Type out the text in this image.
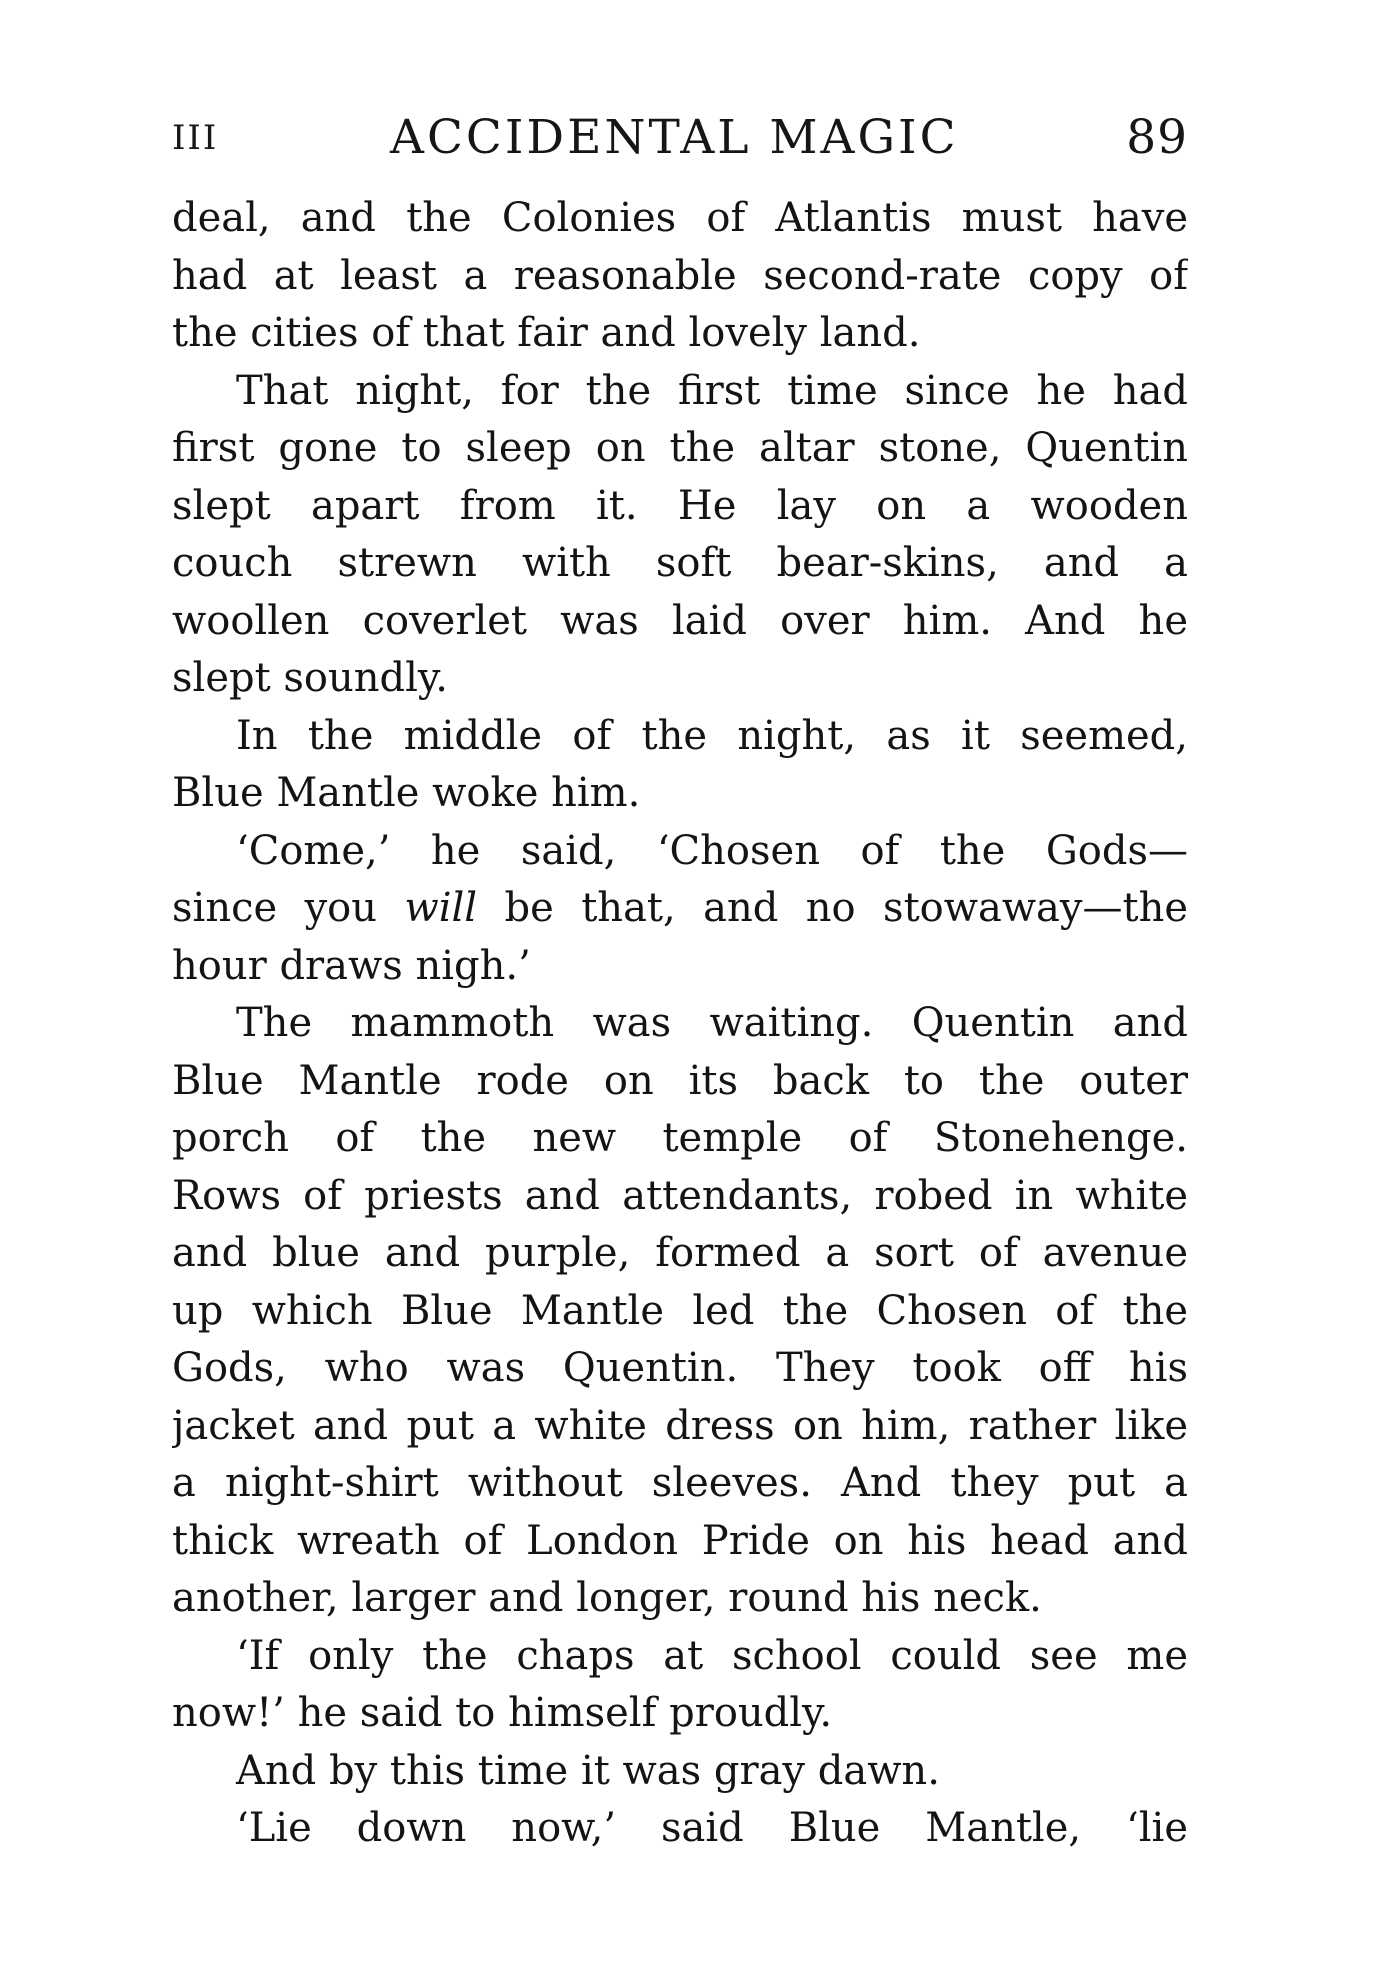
III	ACCIDENTAL MAGIC	89
deal, and the Colonies of Atlantis must have
had at least a reasonable second-rate copy of
the cities of that fair and lovely land.
That night, for the first time since he had
first gone to sleep on the altar stone, Quentin
slept apart from it. He lay on a wooden
couch strewn with soft bear-skins, and a
woollen coverlet was laid over him. And he
slept soundly.
In the middle of the night, as it seemed,
Blue Mantle woke him.
‘Come,’ he said, ‘Chosen of the Gods—
since you will be that, and no stowaway—the
hour draws nigh.’
The mammoth was waiting. Quentin and
Blue Mantle rode on its back to the outer
porch of the new temple of Stonehenge.
Rows of priests and attendants, robed in white
and blue and purple, formed a sort of avenue
up which Blue Mantle led the Chosen of the
Gods, who was Quentin. They took off his
jacket and put a white dress on him, rather like
a night-shirt without sleeves. And they put a
thick wreath of London Pride on his head and
another, larger and longer, round his neck.
‘If only the chaps at school could see me
now!’ he said to himself proudly.
And by this time it was gray dawn.
‘Lie down now,’ said Blue Mantle, ‘lie
